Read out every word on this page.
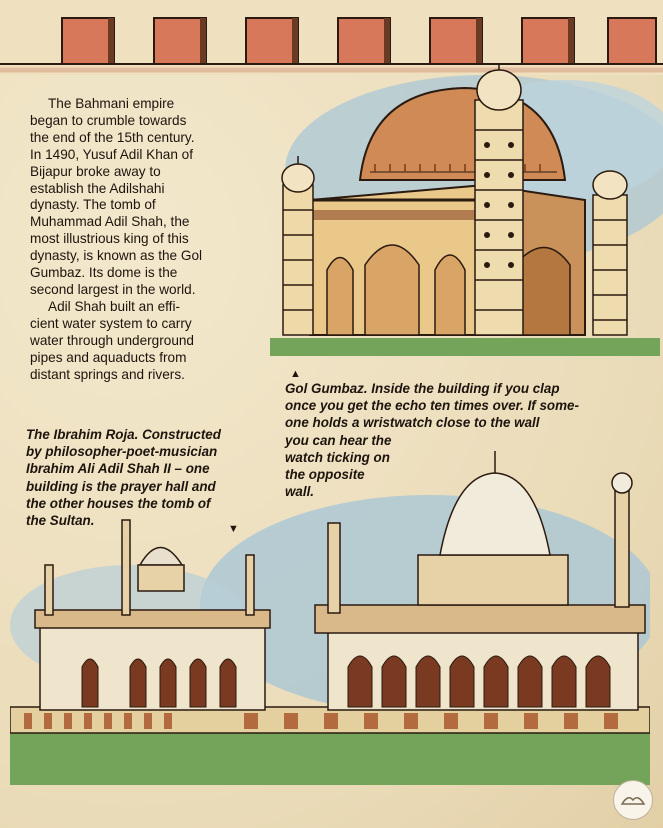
The Bahmani empire
began to crumble towards
the end of the 15th century.
In 1490, Yusuf Adil Khan of
Bijapur broke away to
establish the Adilshahi
dynasty. The tomb of
Muhammad Adil Shah, the
most illustrious king of this
dynasty, is known as the Gol
Gumbaz. Its dome is the
second largest in the world.

Adil Shah built an effi-
cient water system to carry
water through underground
pipes and aquaducts from
distant springs and rivers.	▲
Gol Gumbaz. Inside the building if you clap
once you get the echo ten times over. If some-
one holds a wristwatch close to the wall
you can hear the
watch ticking on
the opposite
wall.
The Ibrahim Roja. Constructed
by philosopher-poet-musician
Ibrahim Ali Adil Shah II – one
building is the prayer hall and
the other houses the tomb of
the Sultan.
▼
